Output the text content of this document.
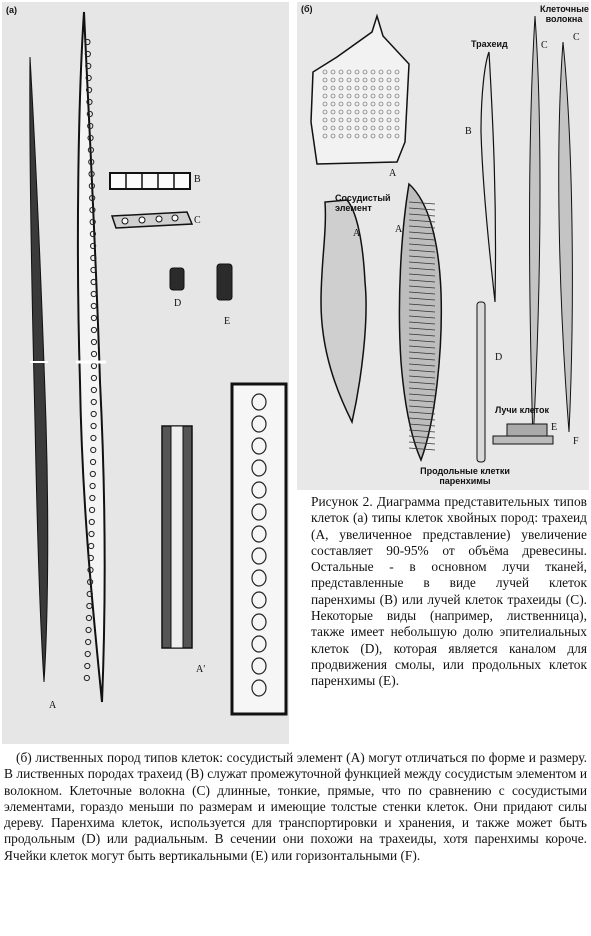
(a)
A
B
C
D
E
A′
(б)	Клеточные волокна
Трахеид
Сосудистый элемент
Лучи клеток
Продольные клетки паренхимы
A
A	A
B
C
C
D
E
F
Рисунок 2. Диаграмма представительных типов клеток (а) типы клеток хвойных пород: трахеид (А, увеличенное представление) увеличение составляет 90-95% от объёма древесины. Остальные - в основном лучи тканей, представленные в виде лучей клеток паренхимы (B) или лучей клеток трахеиды (C). Некоторые виды (например, лиственница), также имеет небольшую долю эпителиальных клеток (D), которая является каналом для продвижения смолы, или продольных клеток паренхимы (E).
(б) лиственных пород типов клеток: сосудистый элемент (А) могут отличаться по форме и размеру. В лиственных породах трахеид (В) служат промежуточной функцией между сосудистым элементом и волокном. Клеточные волокна (С) длинные, тонкие, прямые, что по сравнению с сосудистыми элементами, гораздо меньши по размерам и имеющие толстые стенки клеток. Они придают силы дереву. Паренхима клеток, используется для транспортировки и хранения, и также может быть продольным (D) или радиальным. В сечении они похожи на трахеиды, хотя паренхимы короче. Ячейки клеток могут быть вертикальными (Е) или горизонтальными (F).
